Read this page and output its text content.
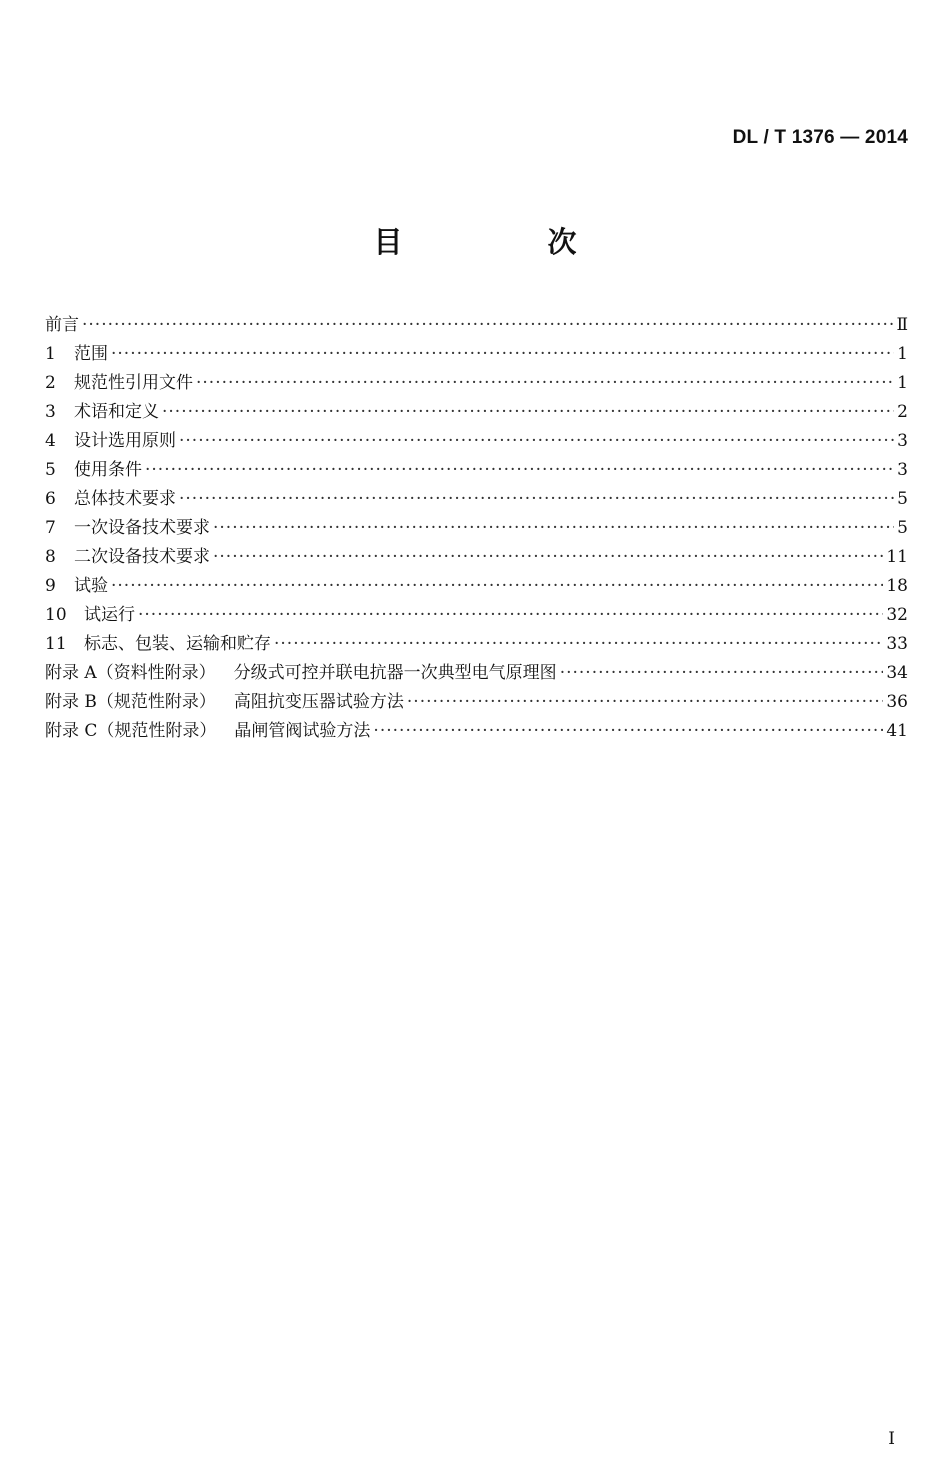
DL / T 1376 — 2014
目　次
前言 ·····	Ⅱ
1	范围 ·····	1
2	规范性引用文件 ·····	1
3	术语和定义 ·····	2
4	设计选用原则 ·····	3
5	使用条件 ·····	3
6	总体技术要求 ·····	5
7	一次设备技术要求 ·····	5
8	二次设备技术要求 ·····	11
9	试验 ·····	18
10	试运行 ·····	32
11	标志、包装、运输和贮存 ·····	33
附录 A（资料性附录） 分级式可控并联电抗器一次典型电气原理图 ·····	34
附录 B（规范性附录） 高阻抗变压器试验方法 ·····	36
附录 C（规范性附录） 晶闸管阀试验方法 ·····	41
I
